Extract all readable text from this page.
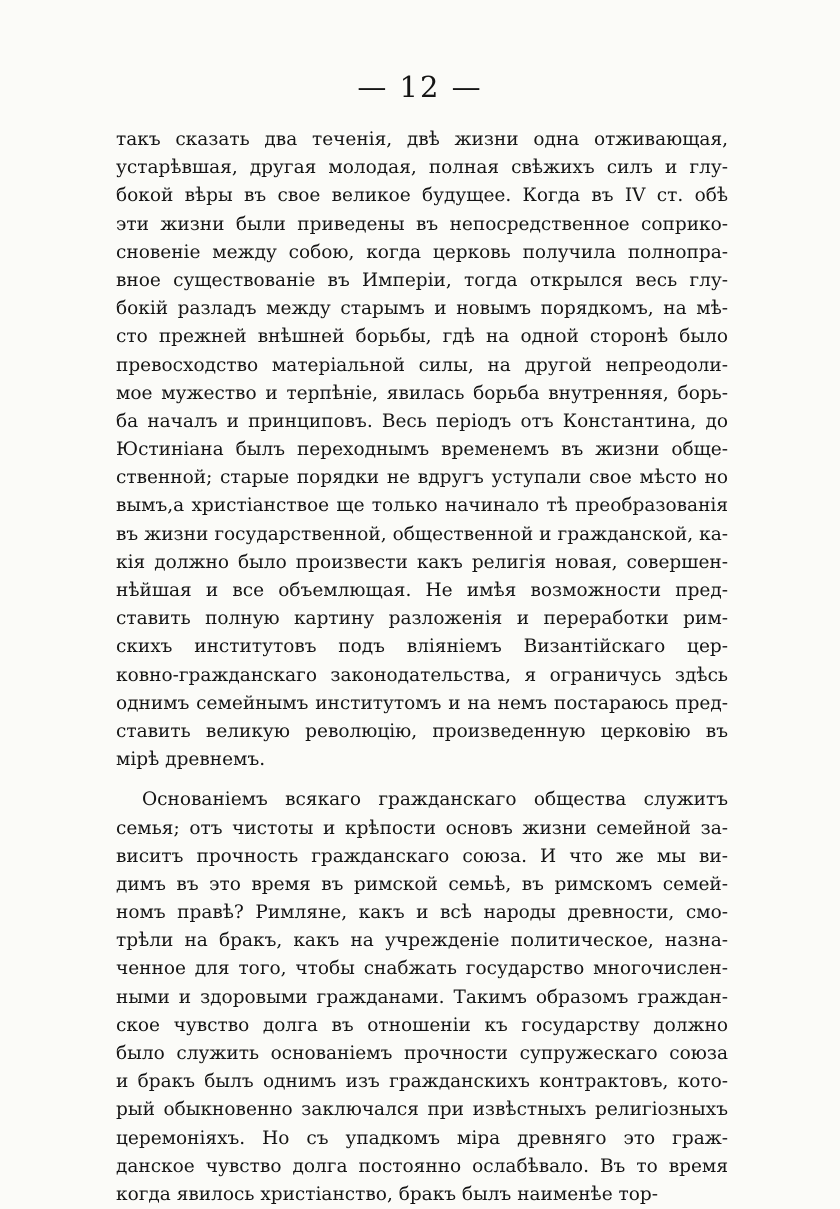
— 12 —
такъ сказать два теченія, двѣ жизни одна отживающая,
устарѣвшая, другая молодая, полная свѣжихъ силъ и глу-
бокой вѣры въ свое великое будущее. Когда въ IV ст. обѣ
эти жизни были приведены въ непосредственное соприко-
сновеніе между собою, когда церковь получила полнопра-
вное существованіе въ Имперіи, тогда открылся весь глу-
бокій разладъ между старымъ и новымъ порядкомъ, на мѣ-
сто прежней внѣшней борьбы, гдѣ на одной сторонѣ было
превосходство матеріальной силы, на другой непреодоли-
мое мужество и терпѣніе, явилась борьба внутренняя, борь-
ба началъ и принциповъ. Весь періодъ отъ Константина, до
Юстиніана былъ переходнымъ временемъ въ жизни обще-
ственной; старые порядки не вдругъ уступали свое мѣсто но
вымъ,а христіанствое ще только начинало тѣ преобразованія
въ жизни государственной, общественной и гражданской, ка-
кія должно было произвести какъ религія новая, совершен-
нѣйшая и все объемлющая. Не имѣя возможности пред-
ставить полную картину разложенія и переработки рим-
скихъ институтовъ подъ вліяніемъ Византійскаго цер-
ковно-гражданскаго законодательства, я ограничусь здѣсь
однимъ семейнымъ институтомъ и на немъ постараюсь пред-
ставить великую революцію, произведенную церковію въ
мірѣ древнемъ.
Основаніемъ всякаго гражданскаго общества служитъ
семья; отъ чистоты и крѣпости основъ жизни семейной за-
виситъ прочность гражданскаго союза. И что же мы ви-
димъ въ это время въ римской семьѣ, въ римскомъ семей-
номъ правѣ? Римляне, какъ и всѣ народы древности, смо-
трѣли на бракъ, какъ на учрежденіе политическое, назна-
ченное для того, чтобы снабжать государство многочислен-
ными и здоровыми гражданами. Такимъ образомъ граждан-
ское чувство долга въ отношеніи къ государству должно
было служить основаніемъ прочности супружескаго союза
и бракъ былъ однимъ изъ гражданскихъ контрактовъ, кото-
рый обыкновенно заключался при извѣстныхъ религіозныхъ
церемоніяхъ. Но съ упадкомъ міра древняго это граж-
данское чувство долга постоянно ослабѣвало. Въ то время
когда явилось христіанство, бракъ былъ наименѣе тор-
